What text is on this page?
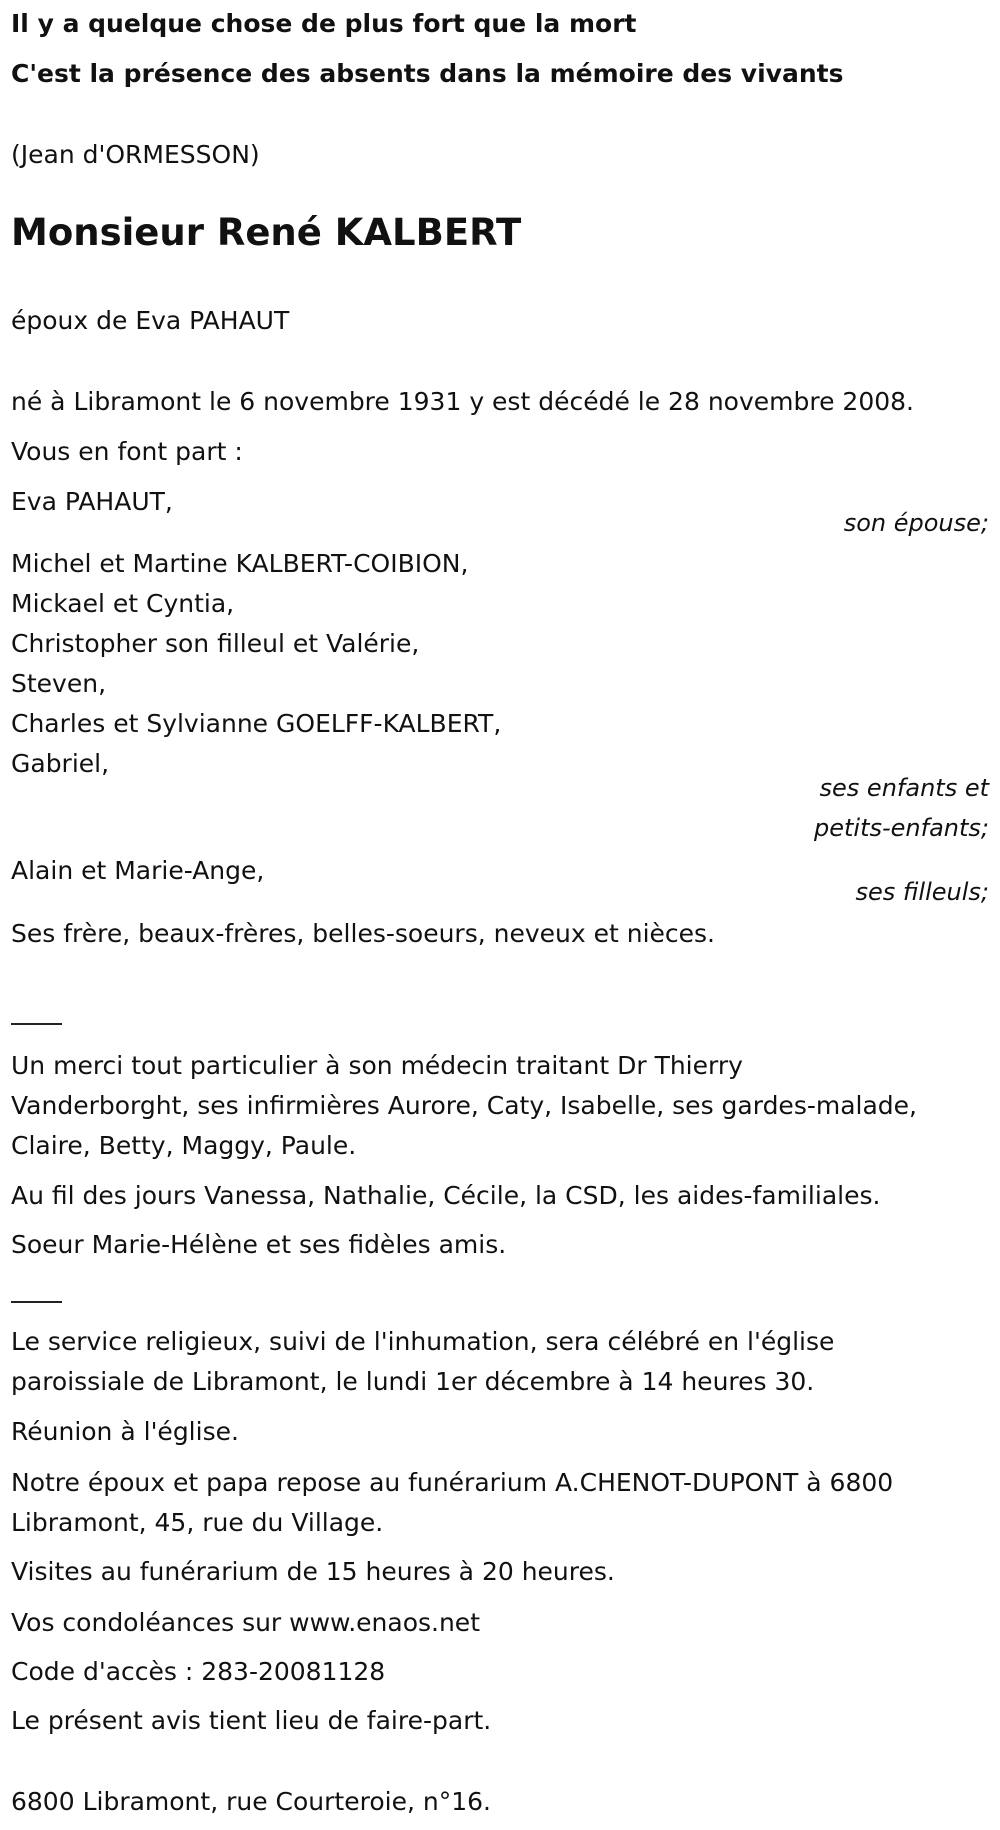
Il y a quelque chose de plus fort que la mort
C'est la présence des absents dans la mémoire des vivants
(Jean d'ORMESSON)
Monsieur René KALBERT
époux de Eva PAHAUT
né à Libramont le 6 novembre 1931 y est décédé le 28 novembre 2008.
Vous en font part :
Eva PAHAUT,
son épouse;
Michel et Martine KALBERT-COIBION,
Mickael et Cyntia,
Christopher son filleul et Valérie,
Steven,
Charles et Sylvianne GOELFF-KALBERT,
Gabriel,
ses enfants et
petits-enfants;
Alain et Marie-Ange,
ses filleuls;
Ses frère, beaux-frères, belles-soeurs, neveux et nièces.
Un merci tout particulier à son médecin traitant Dr Thierry
Vanderborght, ses infirmières Aurore, Caty, Isabelle, ses gardes-malade,
Claire, Betty, Maggy, Paule.
Au fil des jours Vanessa, Nathalie, Cécile, la CSD, les aides-familiales.
Soeur Marie-Hélène et ses fidèles amis.
Le service religieux, suivi de l'inhumation, sera célébré en l'église
paroissiale de Libramont, le lundi 1er décembre à 14 heures 30.
Réunion à l'église.
Notre époux et papa repose au funérarium A.CHENOT-DUPONT à 6800
Libramont, 45, rue du Village.
Visites au funérarium de 15 heures à 20 heures.
Vos condoléances sur www.enaos.net
Code d'accès : 283-20081128
Le présent avis tient lieu de faire-part.
6800 Libramont, rue Courteroie, n°16.
